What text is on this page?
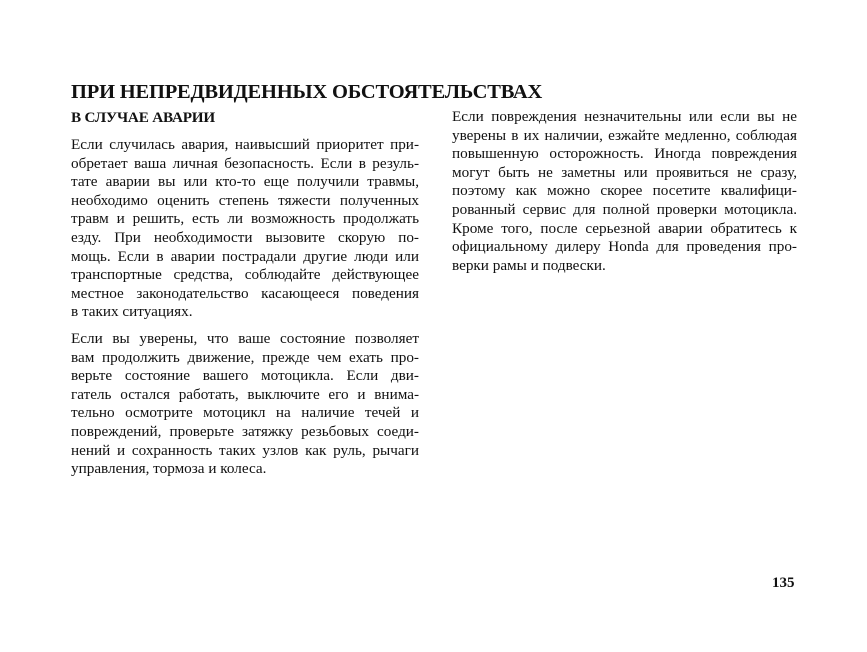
ПРИ НЕПРЕДВИДЕННЫХ ОБСТОЯТЕЛЬСТВАХ
В СЛУЧАЕ АВАРИИ
Если случилась авария, наивысший приоритет при-
обретает ваша личная безопасность. Если в резуль-
тате аварии вы или кто-то еще получили травмы,
необходимо оценить степень тяжести полученных
травм и решить, есть ли возможность продолжать
езду. При необходимости вызовите скорую по-
мощь. Если в аварии пострадали другие люди или
транспортные средства, соблюдайте действующее
местное законодательство касающееся поведения
в таких ситуациях.
Если вы уверены, что ваше состояние позволяет
вам продолжить движение, прежде чем ехать про-
верьте состояние вашего мотоцикла. Если дви-
гатель остался работать, выключите его и внима-
тельно осмотрите мотоцикл на наличие течей и
повреждений, проверьте затяжку резьбовых соеди-
нений и сохранность таких узлов как руль, рычаги
управления, тормоза и колеса.
Если повреждения незначительны или если вы не
уверены в их наличии, езжайте медленно, соблюдая
повышенную осторожность. Иногда повреждения
могут быть не заметны или проявиться не сразу,
поэтому как можно скорее посетите квалифици-
рованный сервис для полной проверки мотоцикла.
Кроме того, после серьезной аварии обратитесь к
официальному дилеру Honda для проведения про-
верки рамы и подвески.
135
